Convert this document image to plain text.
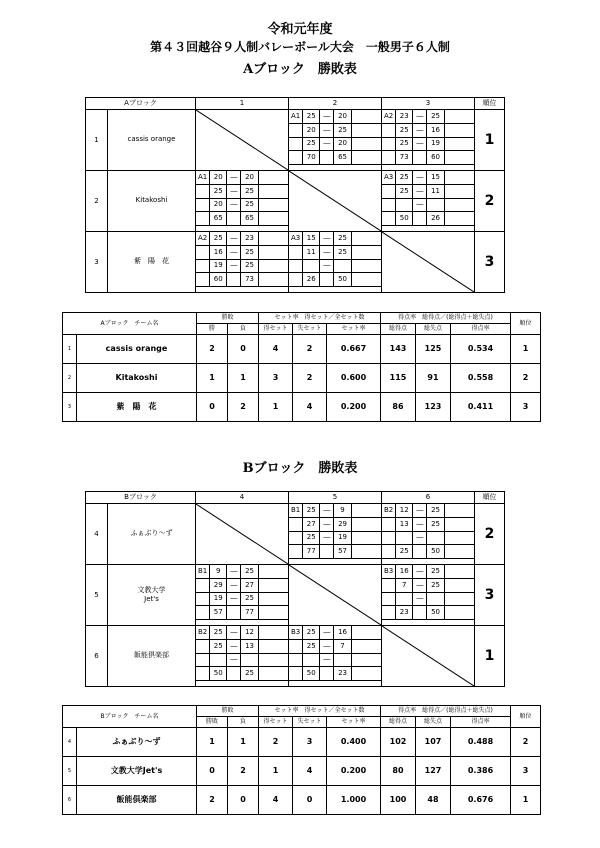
令和元年度
第４３回越谷９人制バレーボール大会　一般男子６人制
Aブロック　勝敗表
Aブロック		1					2					3					順位
1	cassis orange						A1	25	―	20		A2	23	―	25		1
								20	―	25			25	―	16		
								25	―	20			25	―	19		
								70		65			73		60		

2	Kitakoshi	A1	20	―	20							A3	25	―	15		2
			25	―	25								25	―	11		
			20	―	25									―			
			65		65								50		26		

3	紫　陽　花	A2	25	―	23		A3	15	―	25							3
			16	―	25			11	―	25							
			19	―	25				―								
			60		73			26		50							

Aブロック　チーム名		勝敗		セット率　得セット／全セット数			得点率　総得点／(総得点＋総失点)			順位
		勝	負	得セット	失セット	セット率	総得点	総失点	得点率	
1	cassis orange	2	0	4	2	0.667	143	125	0.534	1
2	Kitakoshi	1	1	3	2	0.600	115	91	0.558	2
3	紫　陽　花	0	2	1	4	0.200	86	123	0.411	3
Bブロック　勝敗表
Bブロック		4					5					6					順位
4	ふぁぶり～ず						B1	25	―	9		B2	12	―	25		2
								27	―	29			13	―	25		
								25	―	19				―			
								77		57			25		50		

5	文教大学
Jet's	B1	9	―	25							B3	16	―	25		3
			29	―	27								7	―	25		
			19	―	25									―			
			57		77								23		50		

6	飯能倶楽部	B2	25	―	12		B3	25	―	16							1
			25	―	13			25	―	7							
				―					―								
			50		25			50		23							

Bブロック　チーム名		勝敗		セット率　得セット／全セット数			得点率　総得点／(総得点＋総失点)			順位
		勝敗	負	得セット	失セット	セット率	総得点	総失点	得点率	
4	ふぁぶり～ず	1	1	2	3	0.400	102	107	0.488	2
5	文教大学Jet's	0	2	1	4	0.200	80	127	0.386	3
6	飯能倶楽部	2	0	4	0	1.000	100	48	0.676	1
